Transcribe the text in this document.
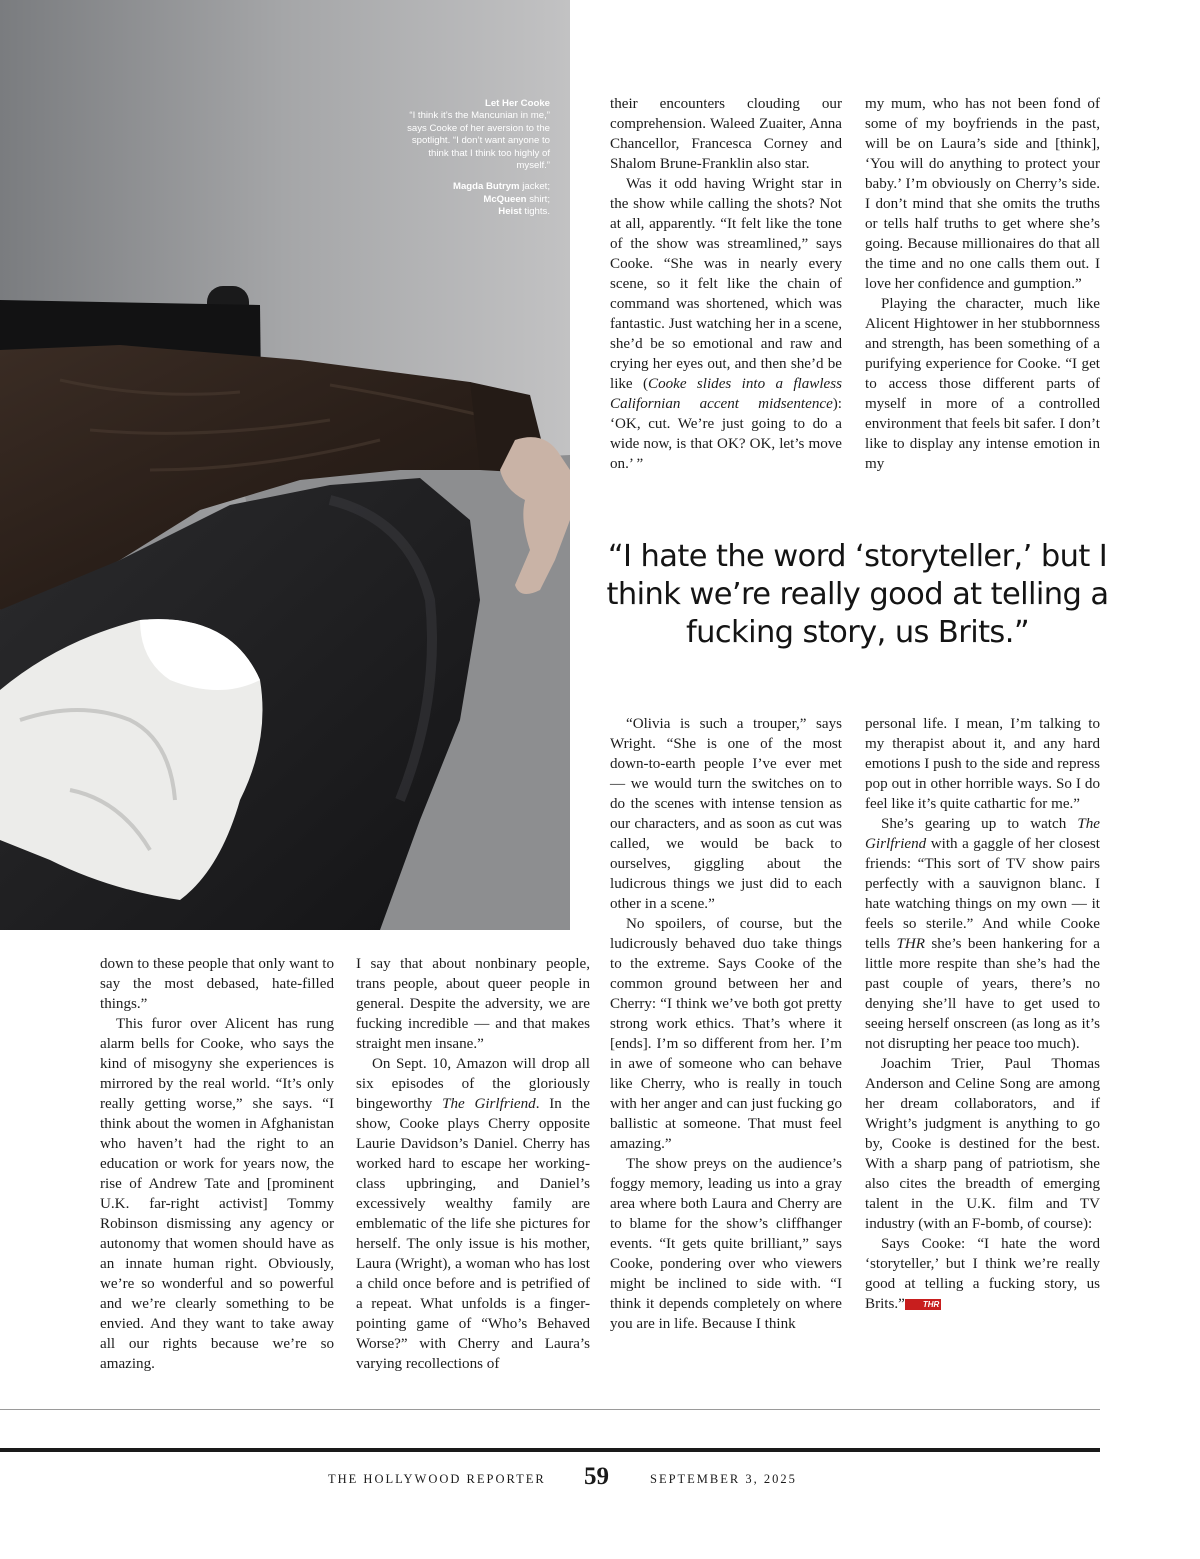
Let Her Cooke
“I think it’s the Mancunian in me,” says Cooke of her aversion to the spotlight. “I don’t want anyone to think that I think too highly of myself.”
Magda Butrym jacket;
McQueen shirt;
Heist tights.

their encounters clouding our comprehension. Waleed Zuaiter, Anna Chancellor, Francesca Corney and Shalom Brune-Franklin also star.

Was it odd having Wright star in the show while calling the shots? Not at all, apparently. “It felt like the tone of the show was streamlined,” says Cooke. “She was in nearly every scene, so it felt like the chain of command was shortened, which was fantastic. Just watching her in a scene, she’d be so emotional and raw and crying her eyes out, and then she’d be like (Cooke slides into a flawless Californian accent midsentence): ‘OK, cut. We’re just going to do a wide now, is that OK? OK, let’s move on.’ ”

my mum, who has not been fond of some of my boyfriends in the past, will be on Laura’s side and [think], ‘You will do anything to protect your baby.’ I’m obviously on Cherry’s side. I don’t mind that she omits the truths or tells half truths to get where she’s going. Because millionaires do that all the time and no one calls them out. I love her confidence and gumption.”

Playing the character, much like Alicent Hightower in her stubbornness and strength, has been something of a purifying experience for Cooke. “I get to access those different parts of myself in more of a controlled environment that feels bit safer. I don’t like to display any intense emotion in my

“I hate the word ‘storyteller,’ but I think we’re really good at telling a fucking story, us Brits.”

“Olivia is such a trouper,” says Wright. “She is one of the most down-to-earth people I’ve ever met — we would turn the switches on to do the scenes with intense tension as our characters, and as soon as cut was called, we would be back to ourselves, giggling about the ludicrous things we just did to each other in a scene.”

No spoilers, of course, but the ludicrously behaved duo take things to the extreme. Says Cooke of the common ground between her and Cherry: “I think we’ve both got pretty strong work ethics. That’s where it [ends]. I’m so different from her. I’m in awe of someone who can behave like Cherry, who is really in touch with her anger and can just fucking go ballistic at someone. That must feel amazing.”

The show preys on the audience’s foggy memory, leading us into a gray area where both Laura and Cherry are to blame for the show’s cliffhanger events. “It gets quite brilliant,” says Cooke, pondering over who viewers might be inclined to side with. “I think it depends completely on where you are in life. Because I think

personal life. I mean, I’m talking to my therapist about it, and any hard emotions I push to the side and repress pop out in other horrible ways. So I do feel like it’s quite cathartic for me.”

She’s gearing up to watch The Girlfriend with a gaggle of her closest friends: “This sort of TV show pairs perfectly with a sauvignon blanc. I hate watching things on my own — it feels so sterile.” And while Cooke tells THR she’s been hankering for a little more respite than she’s had the past couple of years, there’s no denying she’ll have to get used to seeing herself onscreen (as long as it’s not disrupting her peace too much).

Joachim Trier, Paul Thomas Anderson and Celine Song are among her dream collaborators, and if Wright’s judgment is anything to go by, Cooke is destined for the best. With a sharp pang of patriotism, she also cites the breadth of emerging talent in the U.K. film and TV industry (with an F-bomb, of course):

Says Cooke: “I hate the word ‘storyteller,’ but I think we’re really good at telling a fucking story, us Brits.” THR

down to these people that only want to say the most debased, hate-filled things.”

This furor over Alicent has rung alarm bells for Cooke, who says the kind of misogyny she experiences is mirrored by the real world. “It’s only really getting worse,” she says. “I think about the women in Afghanistan who haven’t had the right to an education or work for years now, the rise of Andrew Tate and [prominent U.K. far-right activist] Tommy Robinson dismissing any agency or autonomy that women should have as an innate human right. Obviously, we’re so wonderful and so powerful and we’re clearly something to be envied. And they want to take away all our rights because we’re so amazing.

I say that about nonbinary people, trans people, about queer people in general. Despite the adversity, we are fucking incredible — and that makes straight men insane.”

On Sept. 10, Amazon will drop all six episodes of the gloriously bingeworthy The Girlfriend. In the show, Cooke plays Cherry opposite Laurie Davidson’s Daniel. Cherry has worked hard to escape her working-class upbringing, and Daniel’s excessively wealthy family are emblematic of the life she pictures for herself. The only issue is his mother, Laura (Wright), a woman who has lost a child once before and is petrified of a repeat. What unfolds is a finger-pointing game of “Who’s Behaved Worse?” with Cherry and Laura’s varying recollections of

THE HOLLYWOOD REPORTER 59	SEPTEMBER 3, 2025
